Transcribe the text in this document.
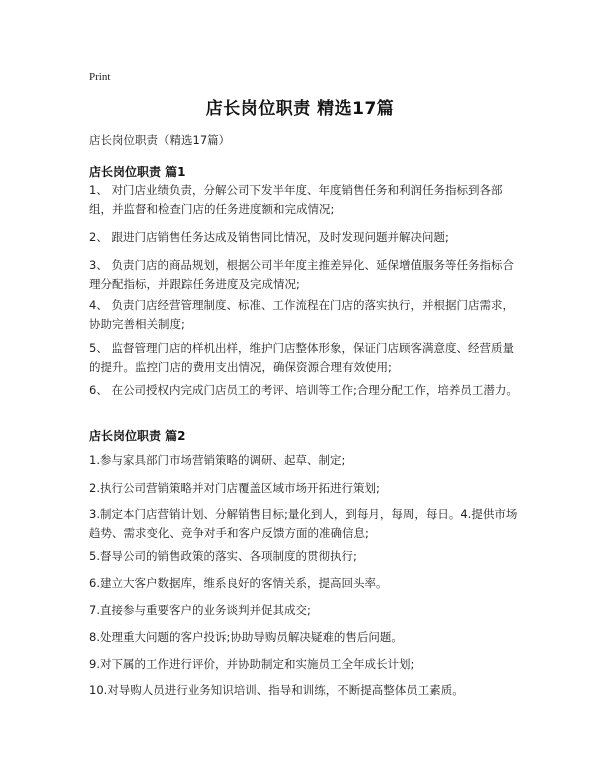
Print
店长岗位职责 精选17篇
店长岗位职责（精选17篇）
店长岗位职责 篇1

1、 对门店业绩负责，分解公司下发半年度、年度销售任务和利润任务指标到各部组，并监督和检查门店的任务进度额和完成情况;

2、 跟进门店销售任务达成及销售同比情况，及时发现问题并解决问题;

3、 负责门店的商品规划，根据公司半年度主推差异化、延保增值服务等任务指标合理分配指标，并跟踪任务进度及完成情况;

4、 负责门店经营管理制度、标准、工作流程在门店的落实执行，并根据门店需求，协助完善相关制度;

5、 监督管理门店的样机出样，维护门店整体形象，保证门店顾客满意度、经营质量的提升。监控门店的费用支出情况，确保资源合理有效使用;

6、 在公司授权内完成门店员工的考评、培训等工作;合理分配工作，培养员工潜力。

店长岗位职责 篇2

1.参与家具部门市场营销策略的调研、起草、制定;

2.执行公司营销策略并对门店覆盖区域市场开拓进行策划;

3.制定本门店营销计划、分解销售目标;量化到人，到每月，每周，每日。4.提供市场趋势、需求变化、竞争对手和客户反馈方面的准确信息;

5.督导公司的销售政策的落实、各项制度的贯彻执行;

6.建立大客户数据库，维系良好的客情关系，提高回头率。

7.直接参与重要客户的业务谈判并促其成交;

8.处理重大问题的客户投诉;协助导购员解决疑难的售后问题。

9.对下属的工作进行评价，并协助制定和实施员工全年成长计划;

10.对导购人员进行业务知识培训、指导和训练，不断提高整体员工素质。
